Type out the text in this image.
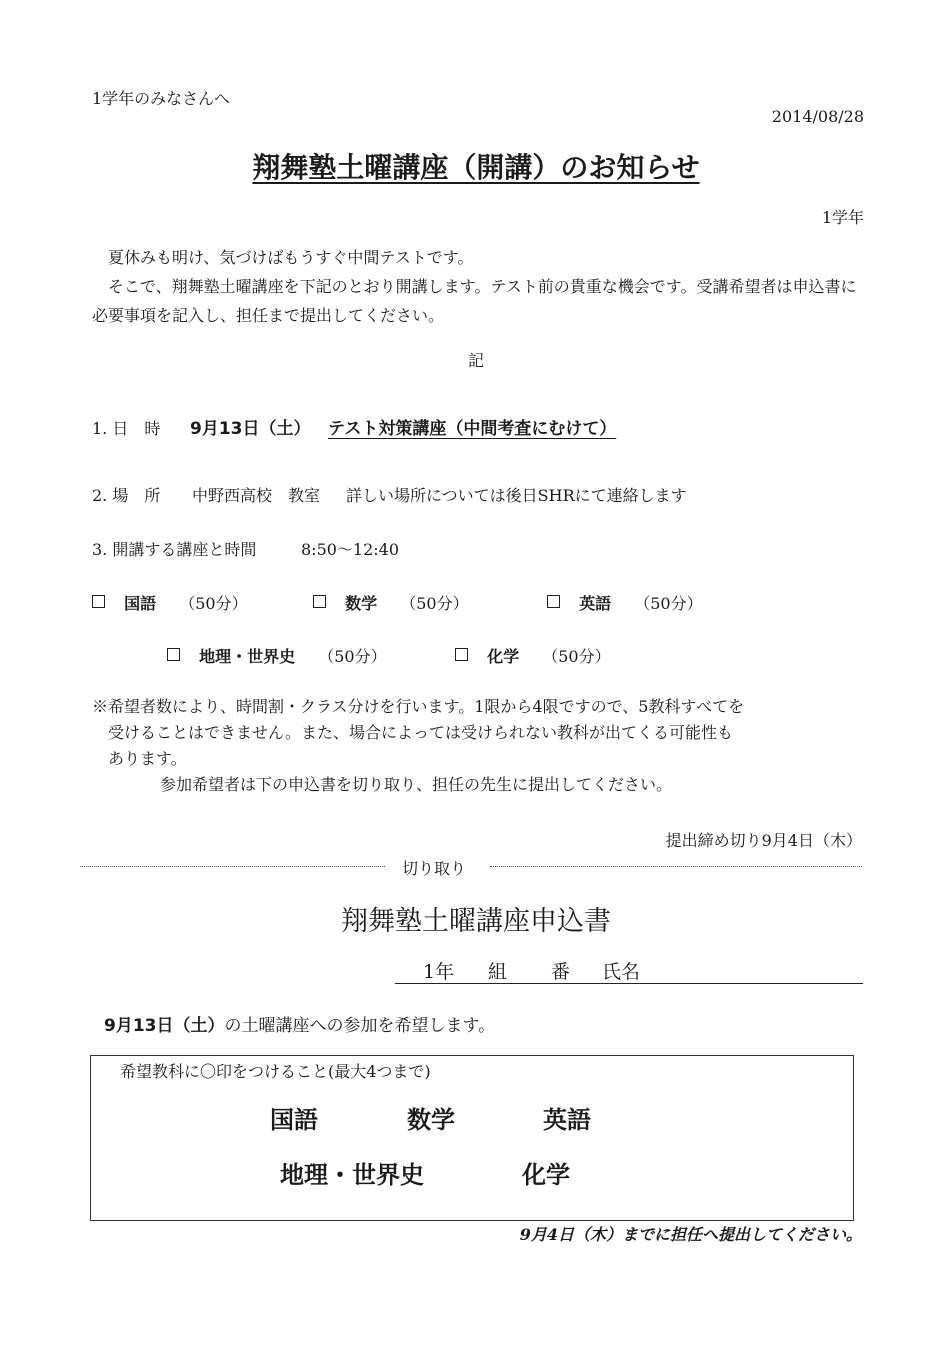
1学年のみなさんへ
2014/08/28
翔舞塾土曜講座（開講）のお知らせ
1学年

夏休みも明け、気づけばもうすぐ中間テストです。

そこで、翔舞塾土曜講座を下記のとおり開講します。テスト前の貴重な機会です。受講希望者は申込書に必要事項を記入し、担任まで提出してください。

記
1. 日　時 9月13日（土） テスト対策講座（中間考査にむけて）
2. 場　所 中野西高校　教室 詳しい場所については後日SHRにて連絡します
3. 開講する講座と時間	8:50〜12:40
国語 （50分）	数学 （50分）	英語 （50分）
地理・世界史 （50分）	化学 （50分）

※希望者数により、時間割・クラス分けを行います。1限から4限ですので、5教科すべてを

受けることはできません。また、場合によっては受けられない教科が出てくる可能性も

あります。

参加希望者は下の申込書を切り取り、担任の先生に提出してください。

提出締め切り9月4日（木）
切り取り
翔舞塾土曜講座申込書
1年 組 番 氏名
9月13日（土）の土曜講座への参加を希望します。
希望教科に〇印をつけること(最大4つまで)
国語	数学	英語
地理・世界史	化学
9月4日（木）までに担任へ提出してください。
